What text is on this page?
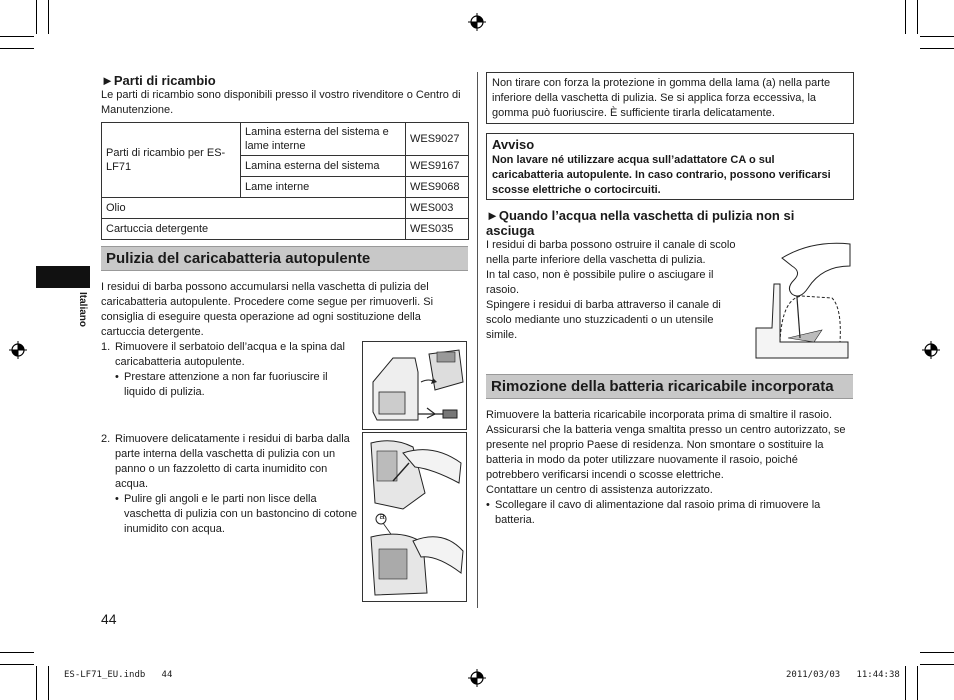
Italiano

►Parti di ricambio

Le parti di ricambio sono disponibili presso il vostro rivenditore o Centro di Manutenzione.

Parti di ricambio per ES-LF71	Lamina esterna del sistema e lame interne	WES9027
	Lamina esterna del sistema	WES9167
	Lame interne	WES9068
Olio		WES003
Cartuccia detergente		WES035
Pulizia del caricabatteria autopulente

I residui di barba possono accumularsi nella vaschetta di pulizia del caricabatteria autopulente. Procedere come segue per rimuoverli. Si consiglia di eseguire questa operazione ad ogni sostituzione della cartuccia detergente.

1. Rimuovere il serbatoio dell’acqua e la spina dal caricabatteria autopulente.

• Prestare attenzione a non far fuoriuscire il liquido di pulizia.

2. Rimuovere delicatamente i residui di barba dalla parte interna della vaschetta di pulizia con un panno o un fazzoletto di carta inumidito con acqua.

• Pulire gli angoli e le parti non lisce della vaschetta di pulizia con un bastoncino di cotone inumidito con acqua.

a
44
Non tirare con forza la protezione in gomma della lama (a) nella parte inferiore della vaschetta di pulizia. Se si applica forza eccessiva, la gomma può fuoriuscire. È sufficiente tirarla delicatamente.
Avviso
Non lavare né utilizzare acqua sull’adattatore CA o sul caricabatteria autopulente. In caso contrario, possono verificarsi scosse elettriche o cortocircuiti.

►Quando l’acqua nella vaschetta di pulizia non si asciuga

I residui di barba possono ostruire il canale di scolo nella parte inferiore della vaschetta di pulizia.

In tal caso, non è possibile pulire o asciugare il rasoio.

Spingere i residui di barba attraverso il canale di scolo mediante uno stuzzicadenti o un utensile simile.

Rimozione della batteria ricaricabile incorporata

Rimuovere la batteria ricaricabile incorporata prima di smaltire il rasoio. Assicurarsi che la batteria venga smaltita presso un centro autorizzato, se presente nel proprio Paese di residenza. Non smontare o sostituire la batteria in modo da poter utilizzare nuovamente il rasoio, poiché potrebbero verificarsi incendi o scosse elettriche.

Contattare un centro di assistenza autorizzato.

• Scollegare il cavo di alimentazione dal rasoio prima di rimuovere la batteria.

ES-LF71_EU.indb   44	2011/03/03   11:44:38
